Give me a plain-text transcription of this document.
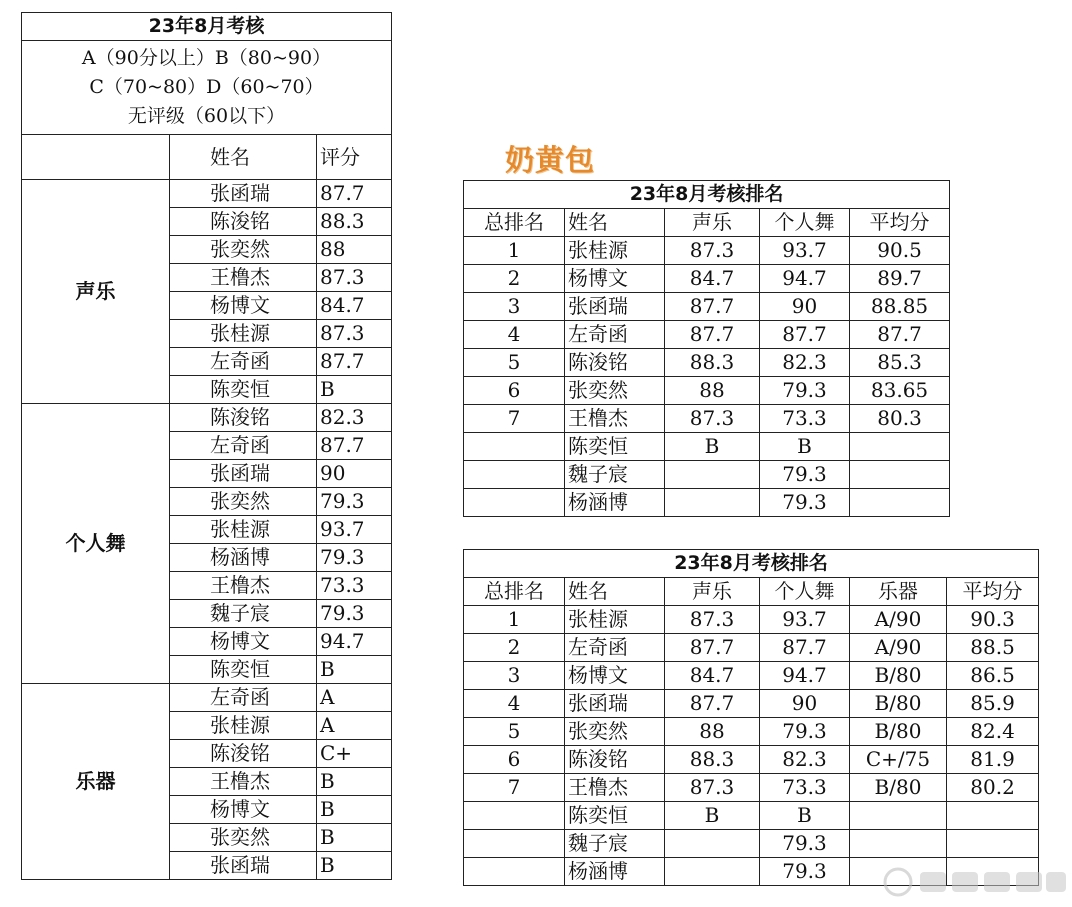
23年8月考核		

A（90分以上）B（80~90）
C（70~80）D（60~70）
无评级（60以下）		

	姓名	评分
声乐	张函瑞	87.7
	陈浚铭	88.3
	张奕然	88
	王橹杰	87.3
	杨博文	84.7
	张桂源	87.3
	左奇函	87.7
	陈奕恒	B
个人舞	陈浚铭	82.3
	左奇函	87.7
	张函瑞	90
	张奕然	79.3
	张桂源	93.7
	杨涵博	79.3
	王橹杰	73.3
	魏子宸	79.3
	杨博文	94.7
	陈奕恒	B
乐器	左奇函	A
	张桂源	A
	陈浚铭	C+
	王橹杰	B
	杨博文	B
	张奕然	B
	张函瑞	B
奶黄包
23年8月考核排名				
总排名	姓名	声乐	个人舞	平均分
1	张桂源	87.3	93.7	90.5
2	杨博文	84.7	94.7	89.7
3	张函瑞	87.7	90	88.85
4	左奇函	87.7	87.7	87.7
5	陈浚铭	88.3	82.3	85.3
6	张奕然	88	79.3	83.65
7	王橹杰	87.3	73.3	80.3
	陈奕恒	B	B	
	魏子宸		79.3	
	杨涵博		79.3	
23年8月考核排名					
总排名	姓名	声乐	个人舞	乐器	平均分
1	张桂源	87.3	93.7	A/90	90.3
2	左奇函	87.7	87.7	A/90	88.5
3	杨博文	84.7	94.7	B/80	86.5
4	张函瑞	87.7	90	B/80	85.9
5	张奕然	88	79.3	B/80	82.4
6	陈浚铭	88.3	82.3	C+/75	81.9
7	王橹杰	87.3	73.3	B/80	80.2
	陈奕恒	B	B		
	魏子宸		79.3		
	杨涵博		79.3		
